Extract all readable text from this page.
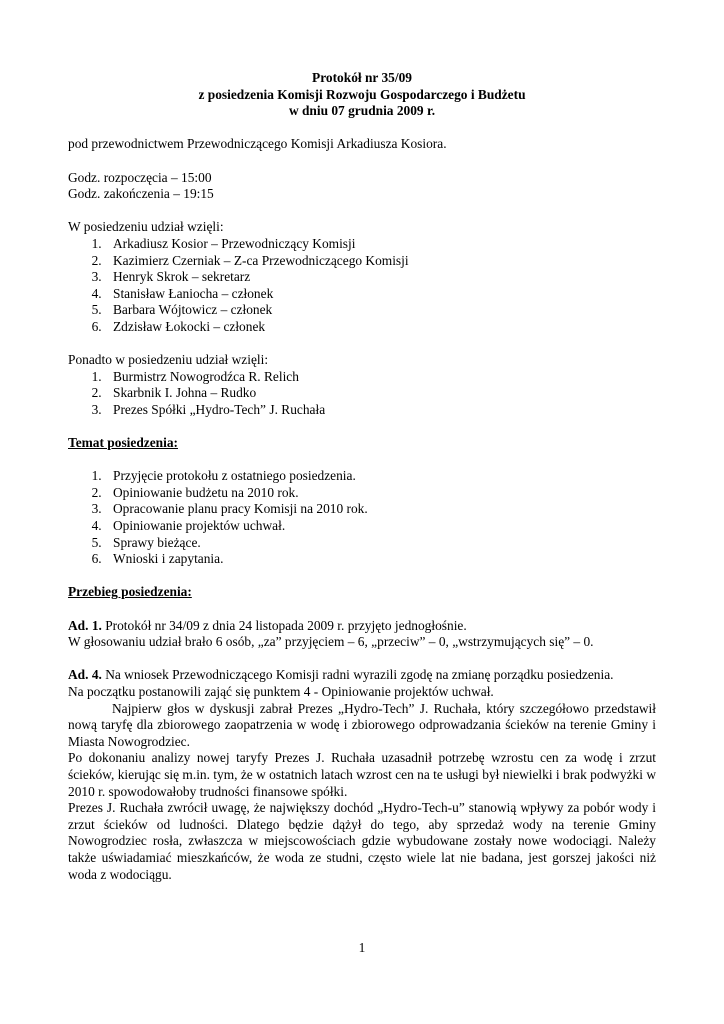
Protokół nr 35/09
z posiedzenia Komisji Rozwoju Gospodarczego i Budżetu
w dniu 07 grudnia 2009 r.

pod przewodnictwem Przewodniczącego Komisji Arkadiusza Kosiora.

Godz. rozpoczęcia – 15:00

Godz. zakończenia – 19:15

W posiedzeniu udział wzięli:

1. Arkadiusz Kosior – Przewodniczący Komisji
2. Kazimierz Czerniak – Z-ca Przewodniczącego Komisji
3. Henryk Skrok – sekretarz
4. Stanisław Łaniocha – członek
5. Barbara Wójtowicz – członek
6. Zdzisław Łokocki – członek

Ponadto w posiedzeniu udział wzięli:

1. Burmistrz Nowogrodźca R. Relich
2. Skarbnik I. Johna – Rudko
3. Prezes Spółki „Hydro-Tech” J. Ruchała

Temat posiedzenia:

1. Przyjęcie protokołu z ostatniego posiedzenia.
2. Opiniowanie budżetu na 2010 rok.
3. Opracowanie planu pracy Komisji na 2010 rok.
4. Opiniowanie projektów uchwał.
5. Sprawy bieżące.
6. Wnioski i zapytania.

Przebieg posiedzenia:

Ad. 1. Protokół nr 34/09 z dnia 24 listopada 2009 r. przyjęto jednogłośnie.

W głosowaniu udział brało 6 osób, „za” przyjęciem – 6, „przeciw” – 0, „wstrzymujących się” – 0.

Ad. 4. Na wniosek Przewodniczącego Komisji radni wyrazili zgodę na zmianę porządku posiedzenia.

Na początku postanowili zająć się punktem 4 - Opiniowanie projektów uchwał.

Najpierw głos w dyskusji zabrał Prezes „Hydro-Tech” J. Ruchała, który szczegółowo przedstawił nową taryfę dla zbiorowego zaopatrzenia w wodę i zbiorowego odprowadzania ścieków na terenie Gminy i Miasta Nowogrodziec.

Po dokonaniu analizy nowej taryfy Prezes J. Ruchała uzasadnił potrzebę wzrostu cen za wodę i zrzut ścieków, kierując się m.in. tym, że w ostatnich latach wzrost cen na te usługi był niewielki i brak podwyżki w 2010 r. spowodowałoby trudności finansowe spółki.

Prezes J. Ruchała zwrócił uwagę, że największy dochód „Hydro-Tech-u” stanowią wpływy za pobór wody i zrzut ścieków od ludności. Dlatego będzie dążył do tego, aby sprzedaż wody na terenie Gminy Nowogrodziec rosła, zwłaszcza w miejscowościach gdzie wybudowane zostały nowe wodociągi. Należy także uświadamiać mieszkańców, że woda ze studni, często wiele lat nie badana, jest gorszej jakości niż woda z wodociągu.

1
